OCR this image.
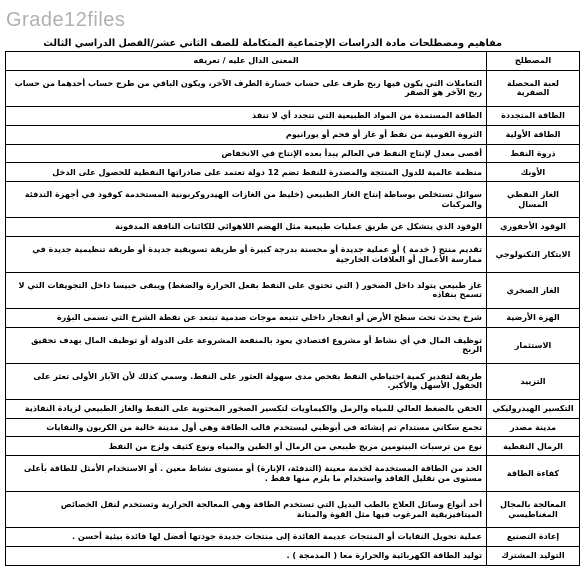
Grade12files
مفاهيم ومصطلحات مادة الدراسات الإجتماعية المتكاملة للصف الثاني عشر/الفصل الدراسي الثالث
المصطلح	المعنى الدال عليه / تعريفه
لعبة المحصلة الصفرية	التعاملات التي يكون فيها ربح طرف على حساب خسارة الطرف الآخر، ويكون الباقي من طرح حساب أحدهما من حساب ربح الآخر هو الصفر
الطاقة المتجددة	الطاقة المستمدة من المواد الطبيعية التي تتجدد أي لا تنفذ
الطاقة الأولية	الثروة القومية من نفط أو غاز أو فحم أو يورانيوم
ذروة النفط	أقصى معدل لإنتاج النفط في العالم يبدأ بعده الإنتاج في الانخفاض
الأوبك	منظمة عالمية للدول المنتجة والمصدرة للنفط تضم 12 دولة تعتمد على صادراتها النفطية للحصول على الدخل
الغاز النفطي المسال	سوائل تستخلص بوساطة إنتاج الغاز الطبيعي (خليط من الغازات الهيدروكربونية المستخدمة كوقود في أجهزة التدفئة والمركبات
الوقود الأحفوري	الوقود الذي يتشكل عن طريق عمليات طبيعية مثل الهضم اللاهوائي للكائنات النافقة المدفونة
الابتكار التكنولوجي	تقديم منتج ( خدمة ) أو عملية جديدة أو محسنة بدرجة كبيرة أو طريقة تسويقية جديدة أو طريقة تنظيمية جديدة في ممارسة الأعمال أو العلاقات الخارجية
الغاز الصخري	غاز طبيعي يتولد داخل الصخور ( التي تحتوي على النفط بفعل الحرارة والضغط) ويبقى حبيسا داخل التجويفات التي لا تسمح بنفاذه
الهزة الأرضية	شرخ يحدث تحت سطح الأرض أو انفجار داخلي تتبعه موجات صدمية تبتعد عن نقطة الشرخ التي تسمى البؤرة
الاستثمار	توظيف المال في أي نشاط أو مشروع اقتصادي يعود بالمنفعة المشروعة على الدولة أو توظيف المال بهدف تحقيق الربح
التزييد	طريقة لتقدير كمية احتياطي النفط بفحص مدى سهولة العثور على النفط. وسمي كذلك لأن الآبار الأولى تعثر على الحقول الأسهل والأكبر.
التكسير الهيدروليكي	الحقن بالضغط العالي للمياه والرمل والكيماويات لتكسير الصخور المحتوية على النفط والغاز الطبيعي لزيادة النفاذية
مدينة مصدر	تجمع سكاني مستدام تم إنشائه في أبوظبي ليستخدم قالب الطاقة وهي أول مدينة خالية من الكربون والنفايات
الرمال النفطية	نوع من ترسبات البيتومين مزيج طبيعي من الرمال أو الطين والمياه ونوع كثيف ولزج من النفط
كفاءة الطاقة	الحد من الطاقة المستخدمة لخدمة معينة (التدفئة، الإنارة) أو مستوى نشاط معين . أو الاستخدام الأمثل للطاقة بأعلى مستوى من تقليل الفاقد واستخدام ما يلزم منها فقط .
المعالجة بالمجال المغناطيسي	أحد أنواع وسائل العلاج بالطب البديل التي تستخدم الطاقة وهي المعالجة الحرارية وتستخدم لنقل الخصائص الميتافيزيقية المرغوب فيها مثل القوة والمتانة
إعادة التصنيع	عملية تحويل النفايات أو المنتجات عديمة الفائدة إلى منتجات جديدة جودتها أفضل لها فائدة بيئية أحسن .
التوليد المشترك	توليد الطاقة الكهربائية والحرارة معا ( المدمجة ) .
